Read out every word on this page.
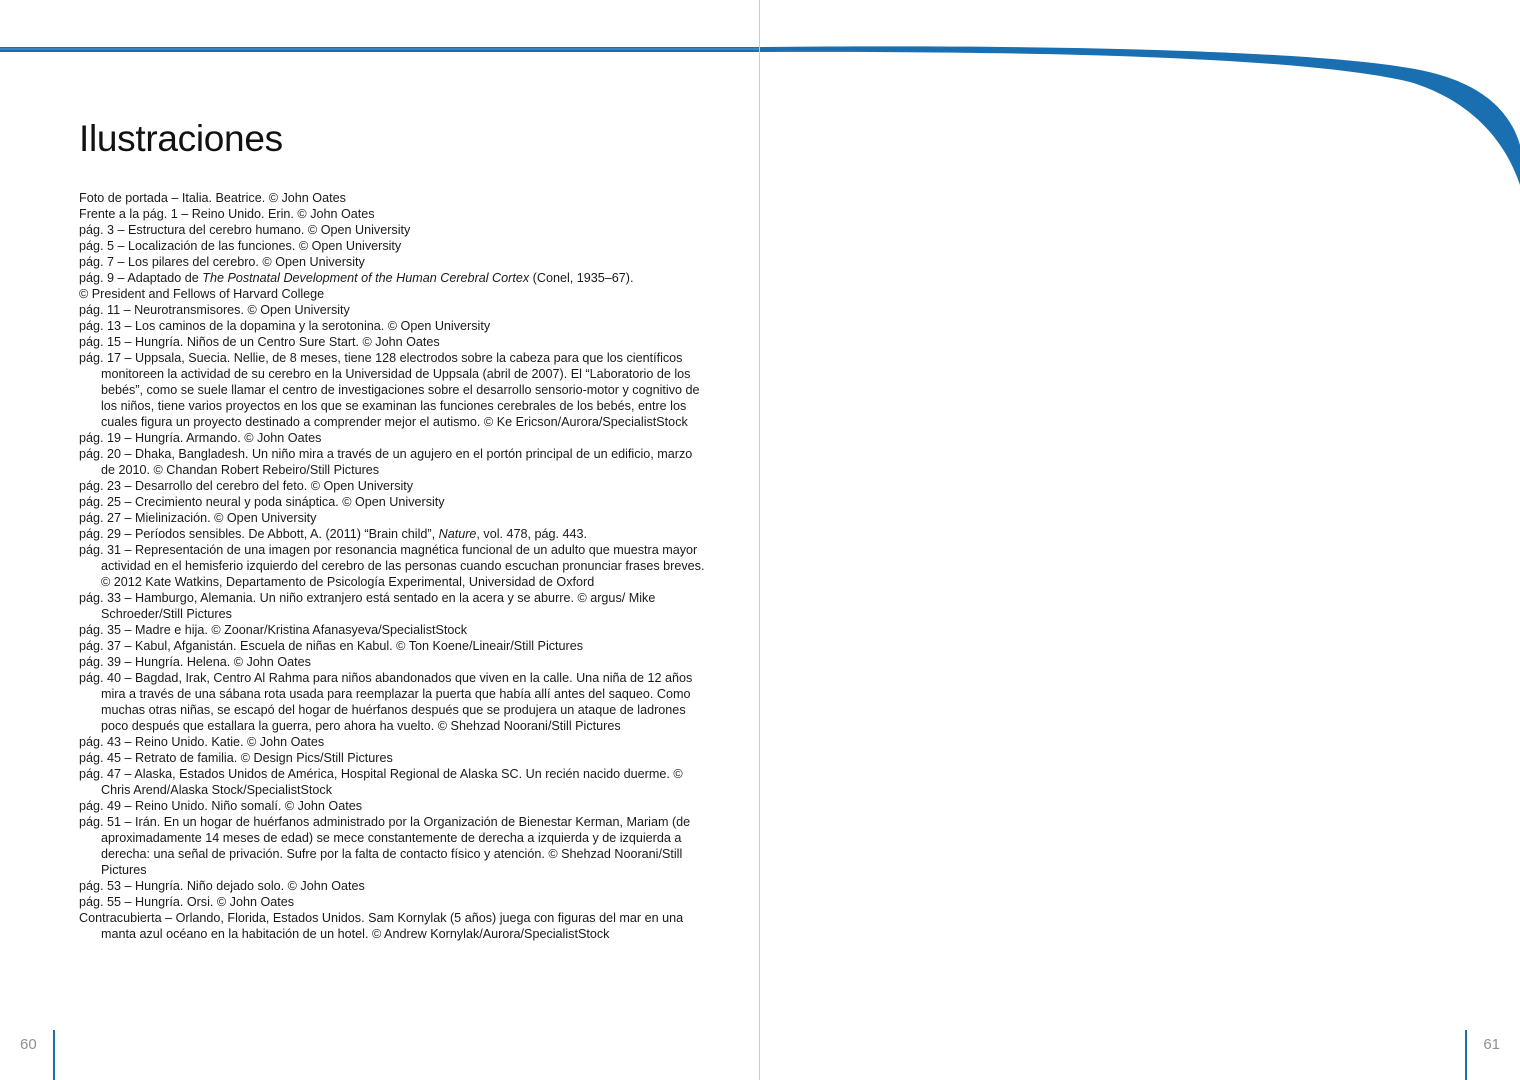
Ilustraciones
Foto de portada – Italia. Beatrice. © John Oates
Frente a la pág. 1 – Reino Unido. Erin. © John Oates
pág. 3 – Estructura del cerebro humano. © Open University
pág. 5 – Localización de las funciones. © Open University
pág. 7 – Los pilares del cerebro. © Open University
pág. 9 – Adaptado de The Postnatal Development of the Human Cerebral Cortex (Conel, 1935–67).
© President and Fellows of Harvard College
pág. 11 – Neurotransmisores. © Open University
pág. 13 – Los caminos de la dopamina y la serotonina. © Open University
pág. 15 – Hungría. Niños de un Centro Sure Start. © John Oates
pág. 17 – Uppsala, Suecia. Nellie, de 8 meses, tiene 128 electrodos sobre la cabeza para que los científicos monitoreen la actividad de su cerebro en la Universidad de Uppsala (abril de 2007). El “Laboratorio de los bebés”, como se suele llamar el centro de investigaciones sobre el desarrollo sensorio-motor y cognitivo de los niños, tiene varios proyectos en los que se examinan las funciones cerebrales de los bebés, entre los cuales figura un proyecto destinado a comprender mejor el autismo. © Ke Ericson/Aurora/SpecialistStock
pág. 19 – Hungría. Armando. © John Oates
pág. 20 – Dhaka, Bangladesh. Un niño mira a través de un agujero en el portón principal de un edificio, marzo de 2010. © Chandan Robert Rebeiro/Still Pictures
pág. 23 – Desarrollo del cerebro del feto. © Open University
pág. 25 – Crecimiento neural y poda sináptica. © Open University
pág. 27 – Mielinización. © Open University
pág. 29 – Períodos sensibles. De Abbott, A. (2011) “Brain child”, Nature, vol. 478, pág. 443.
pág. 31 – Representación de una imagen por resonancia magnética funcional de un adulto que muestra mayor actividad en el hemisferio izquierdo del cerebro de las personas cuando escuchan pronunciar frases breves. © 2012 Kate Watkins, Departamento de Psicología Experimental, Universidad de Oxford
pág. 33 – Hamburgo, Alemania. Un niño extranjero está sentado en la acera y se aburre. © argus/ Mike Schroeder/Still Pictures
pág. 35 – Madre e hija. © Zoonar/Kristina Afanasyeva/SpecialistStock
pág. 37 – Kabul, Afganistán. Escuela de niñas en Kabul. © Ton Koene/Lineair/Still Pictures
pág. 39 – Hungría. Helena. © John Oates
pág. 40 – Bagdad, Irak, Centro Al Rahma para niños abandonados que viven en la calle. Una niña de 12 años mira a través de una sábana rota usada para reemplazar la puerta que había allí antes del saqueo. Como muchas otras niñas, se escapó del hogar de huérfanos después que se produjera un ataque de ladrones poco después que estallara la guerra, pero ahora ha vuelto. © Shehzad Noorani/Still Pictures
pág. 43 – Reino Unido. Katie. © John Oates
pág. 45 – Retrato de familia. © Design Pics/Still Pictures
pág. 47 – Alaska, Estados Unidos de América, Hospital Regional de Alaska SC. Un recién nacido duerme. © Chris Arend/Alaska Stock/SpecialistStock
pág. 49 – Reino Unido. Niño somalí. © John Oates
pág. 51 – Irán. En un hogar de huérfanos administrado por la Organización de Bienestar Kerman, Mariam (de aproximadamente 14 meses de edad) se mece constantemente de derecha a izquierda y de izquierda a derecha: una señal de privación. Sufre por la falta de contacto físico y atención. © Shehzad Noorani/Still Pictures
pág. 53 – Hungría. Niño dejado solo. © John Oates
pág. 55 – Hungría. Orsi. © John Oates
Contracubierta – Orlando, Florida, Estados Unidos. Sam Kornylak (5 años) juega con figuras del mar en una manta azul océano en la habitación de un hotel. © Andrew Kornylak/Aurora/SpecialistStock
60	61
